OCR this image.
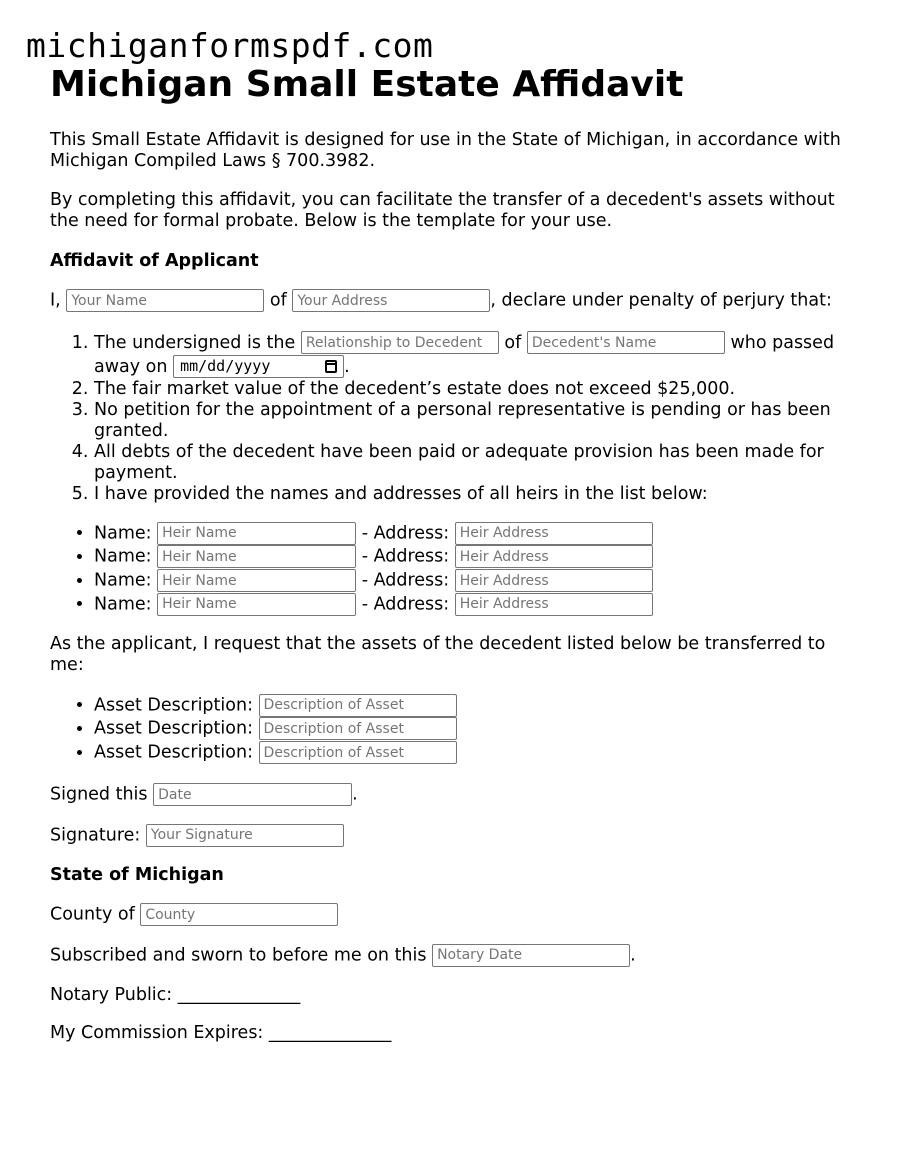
michiganformspdf.com
Michigan Small Estate Affidavit

This Small Estate Affidavit is designed for use in the State of Michigan, in accordance with Michigan Compiled Laws § 700.3982.

By completing this affidavit, you can facilitate the transfer of a decedent's assets without the need for formal probate. Below is the template for your use.

Affidavit of Applicant
I, Your Name	of Your Address	, declare under penalty of perjury that:
1. The undersigned is the Relationship to Decedent	of Decedent's Name	who passed away on mm/dd/yyyy	.
2. The fair market value of the decedent’s estate does not exceed $25,000.
3. No petition for the appointment of a personal representative is pending or has been granted.
4. All debts of the decedent have been paid or adequate provision has been made for payment.
5. I have provided the names and addresses of all heirs in the list below:
• Name: Heir Name	- Address: Heir Address
• Name: Heir Name	- Address: Heir Address
• Name: Heir Name	- Address: Heir Address
• Name: Heir Name	- Address: Heir Address

As the applicant, I request that the assets of the decedent listed below be transferred to me:

• Asset Description: Description of Asset
• Asset Description: Description of Asset
• Asset Description: Description of Asset
Signed this Date	.
Signature: Your Signature
State of Michigan
County of County
Subscribed and sworn to before me on this Notary Date	.

Notary Public: ______________

My Commission Expires: ______________
